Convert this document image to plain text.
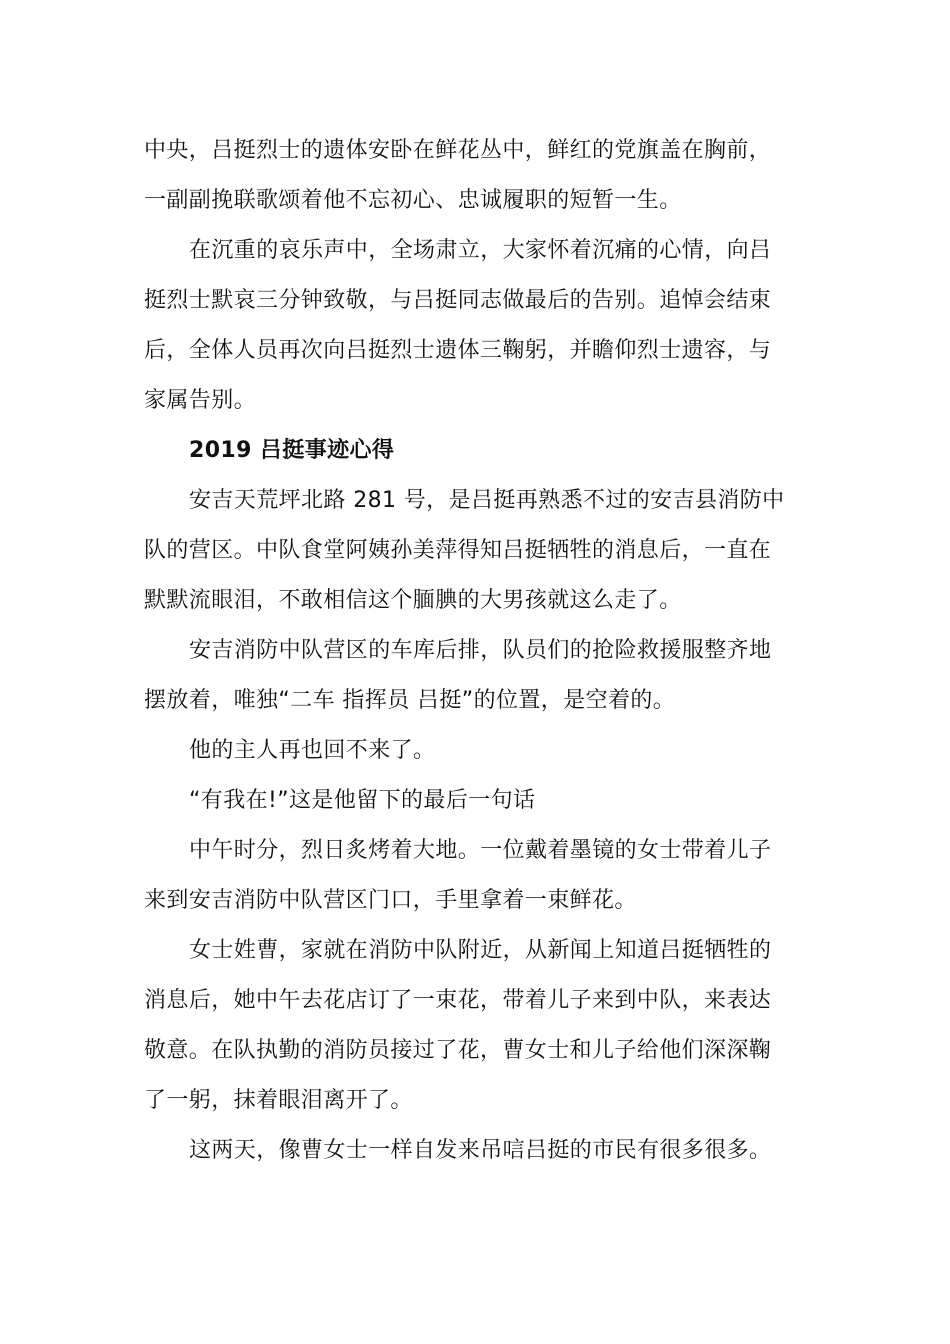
中央，吕挺烈士的遗体安卧在鲜花丛中，鲜红的党旗盖在胸前，
一副副挽联歌颂着他不忘初心、忠诚履职的短暂一生。

在沉重的哀乐声中，全场肃立，大家怀着沉痛的心情，向吕
挺烈士默哀三分钟致敬，与吕挺同志做最后的告别。追悼会结束
后，全体人员再次向吕挺烈士遗体三鞠躬，并瞻仰烈士遗容，与
家属告别。

2019 吕挺事迹心得

安吉天荒坪北路 281 号，是吕挺再熟悉不过的安吉县消防中
队的营区。中队食堂阿姨孙美萍得知吕挺牺牲的消息后，一直在
默默流眼泪，不敢相信这个腼腆的大男孩就这么走了。

安吉消防中队营区的车库后排，队员们的抢险救援服整齐地
摆放着，唯独“二车 指挥员 吕挺”的位置，是空着的。

他的主人再也回不来了。

“有我在!”这是他留下的最后一句话

中午时分，烈日炙烤着大地。一位戴着墨镜的女士带着儿子
来到安吉消防中队营区门口，手里拿着一束鲜花。

女士姓曹，家就在消防中队附近，从新闻上知道吕挺牺牲的
消息后，她中午去花店订了一束花，带着儿子来到中队，来表达
敬意。在队执勤的消防员接过了花，曹女士和儿子给他们深深鞠
了一躬，抹着眼泪离开了。

这两天，像曹女士一样自发来吊唁吕挺的市民有很多很多。
